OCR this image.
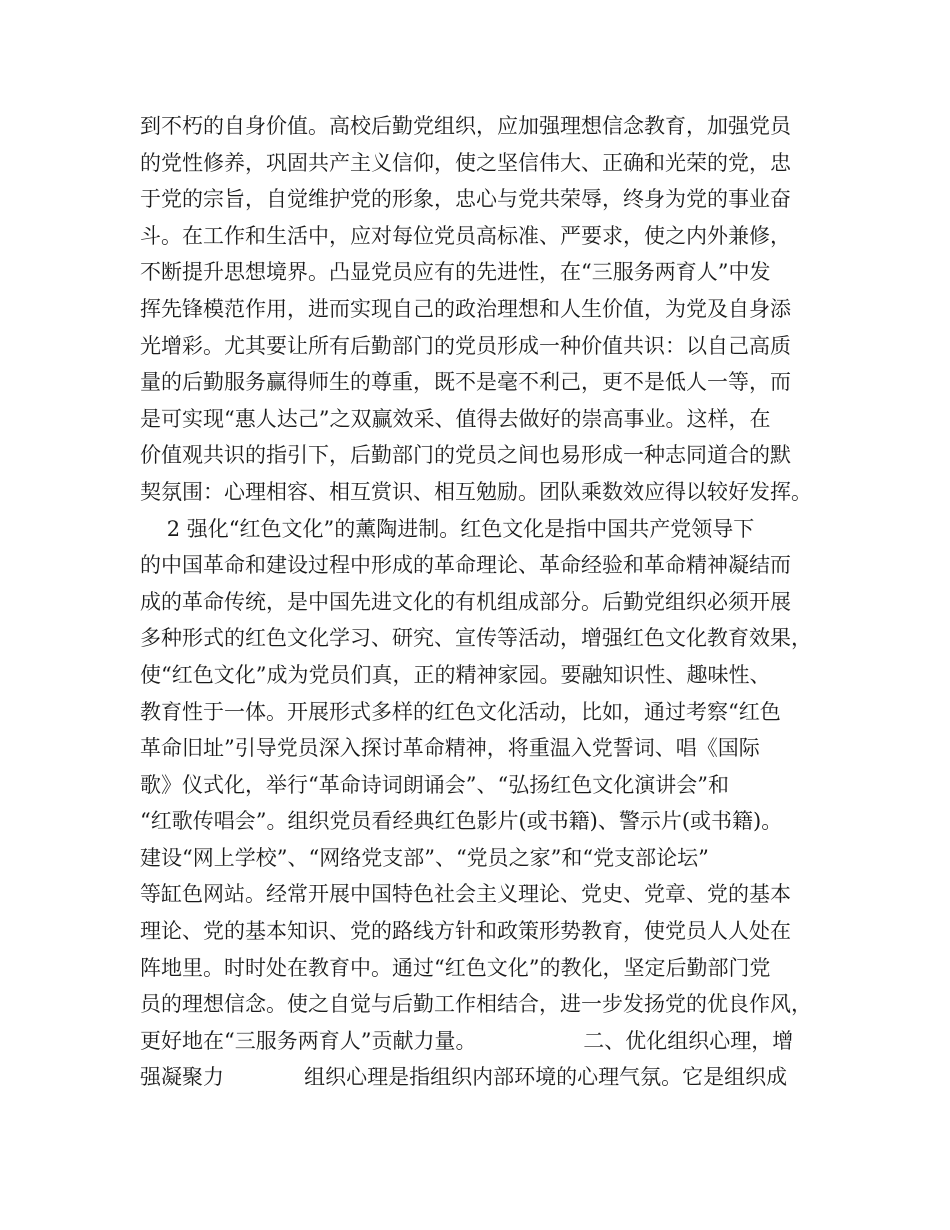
到不朽的自身价值。高校后勤党组织，应加强理想信念教育，加强党员
的党性修养，巩固共产主义信仰，使之坚信伟大、正确和光荣的党，忠
于党的宗旨，自觉维护党的形象，忠心与党共荣辱，终身为党的事业奋
斗。在工作和生活中，应对每位党员高标准、严要求，使之内外兼修，
不断提升思想境界。凸显党员应有的先进性，在“三服务两育人”中发
挥先锋模范作用，进而实现自己的政治理想和人生价值，为党及自身添
光增彩。尤其要让所有后勤部门的党员形成一种价值共识：以自己高质
量的后勤服务赢得师生的尊重，既不是毫不利己，更不是低人一等，而
是可实现“惠人达己”之双赢效采、值得去做好的崇高事业。这样，在
价值观共识的指引下，后勤部门的党员之间也易形成一种志同道合的默
契氛围：心理相容、相互赏识、相互勉励。团队乘数效应得以较好发挥。
2 强化“红色文化”的薰陶进制。红色文化是指中国共产党领导下
的中国革命和建设过程中形成的革命理论、革命经验和革命精神凝结而
成的革命传统，是中国先进文化的有机组成部分。后勤党组织必须开展
多种形式的红色文化学习、研究、宣传等活动，增强红色文化教育效果，
使“红色文化”成为党员们真，正的精神家园。要融知识性、趣味性、
教育性于一体。开展形式多样的红色文化活动，比如，通过考察“红色
革命旧址”引导党员深入探讨革命精神，将重温入党誓词、唱《国际
歌》仪式化，举行“革命诗词朗诵会”、“弘扬红色文化演讲会”和
“红歌传唱会”。组织党员看经典红色影片(或书籍)、警示片(或书籍)。
建设“网上学校”、“网络党支部”、“党员之家”和“党支部论坛”
等缸色网站。经常开展中国特色社会主义理论、党史、党章、党的基本
理论、党的基本知识、党的路线方针和政策形势教育，使党员人人处在
阵地里。时时处在教育中。通过“红色文化”的教化，坚定后勤部门党
员的理想信念。使之自觉与后勤工作相结合，进一步发扬党的优良作风，
更好地在“三服务两育人”贡献力量。                二、优化组织心理，增
强凝聚力            组织心理是指组织内部环境的心理气氛。它是组织成
